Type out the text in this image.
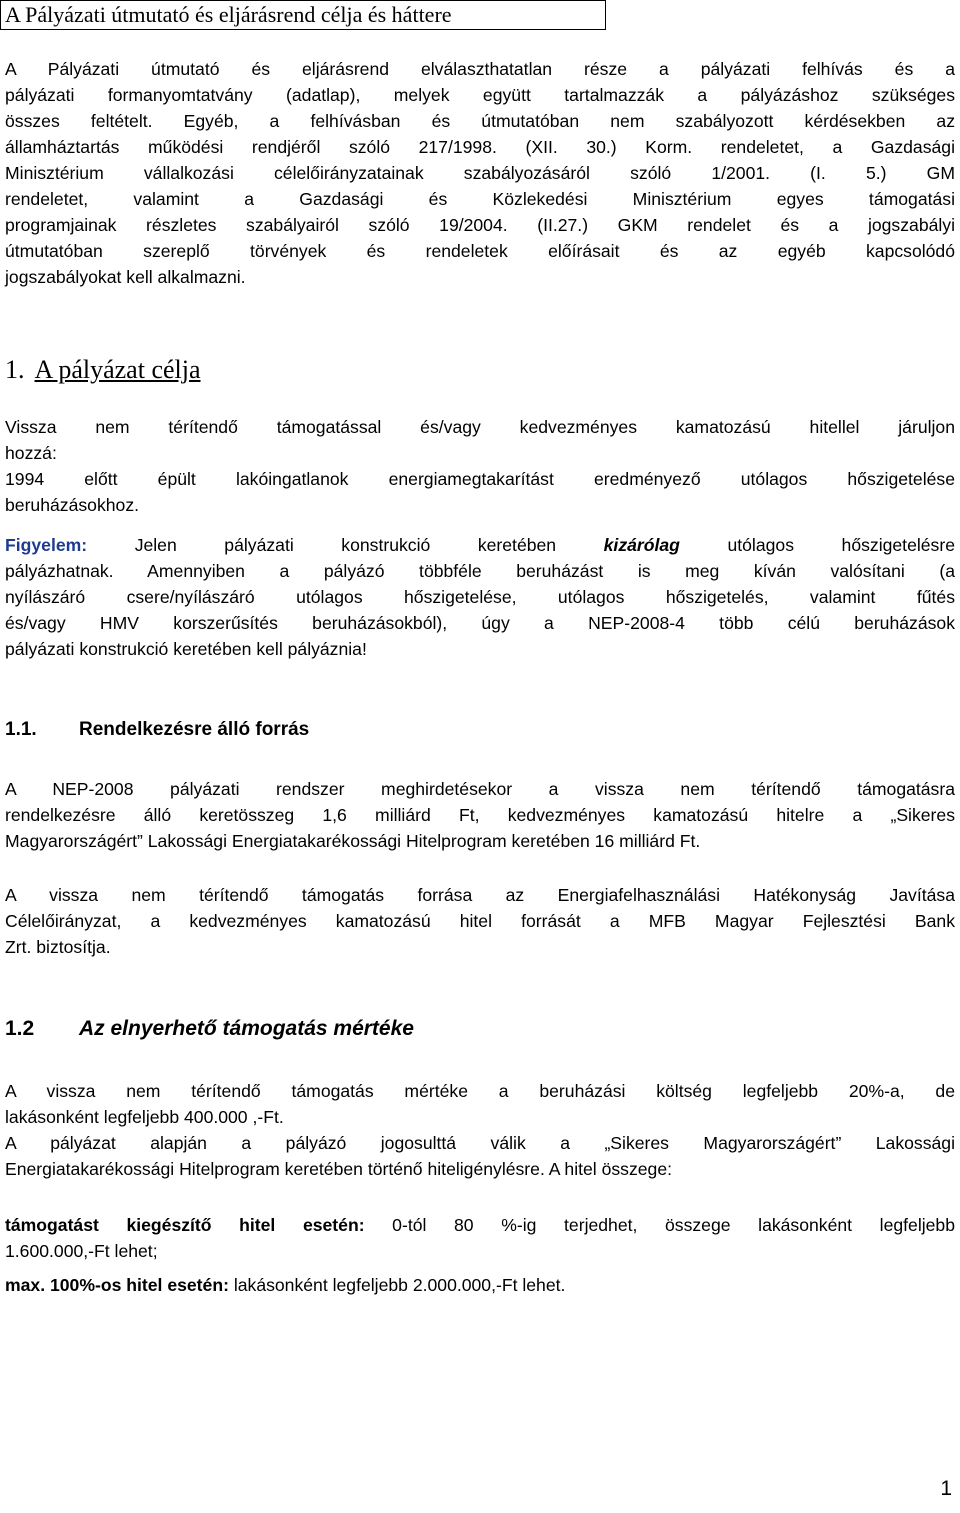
A Pályázati útmutató és eljárásrend célja és háttere
A Pályázati útmutató és eljárásrend elválaszthatatlan része a pályázati felhívás és a
pályázati formanyomtatvány (adatlap), melyek együtt tartalmazzák a pályázáshoz szükséges
összes feltételt. Egyéb, a felhívásban és útmutatóban nem szabályozott kérdésekben az
államháztartás működési rendjéről szóló 217/1998. (XII. 30.) Korm. rendeletet, a Gazdasági
Minisztérium vállalkozási célelőirányzatainak szabályozásáról szóló 1/2001. (I. 5.) GM
rendeletet, valamint a Gazdasági és Közlekedési Minisztérium egyes támogatási
programjainak részletes szabályairól szóló 19/2004. (II.27.) GKM rendelet és a jogszabályi
útmutatóban szereplő törvények és rendeletek előírásait és az egyéb kapcsolódó
jogszabályokat kell alkalmazni.
1. A pályázat célja
Vissza nem térítendő támogatással és/vagy kedvezményes kamatozású hitellel járuljon
hozzá:
1994 előtt épült lakóingatlanok energiamegtakarítást eredményező utólagos hőszigetelése
beruházásokhoz.
Figyelem: Jelen pályázati konstrukció keretében kizárólag utólagos hőszigetelésre
pályázhatnak. Amennyiben a pályázó többféle beruházást is meg kíván valósítani (a
nyílászáró csere/nyílászáró utólagos hőszigetelése, utólagos hőszigetelés, valamint fűtés
és/vagy HMV korszerűsítés beruházásokból), úgy a NEP-2008-4 több célú beruházások
pályázati konstrukció keretében kell pályáznia!
1.1. Rendelkezésre álló forrás
A NEP-2008 pályázati rendszer meghirdetésekor a vissza nem térítendő támogatásra
rendelkezésre álló keretösszeg 1,6 milliárd Ft, kedvezményes kamatozású hitelre a „Sikeres
Magyarországért” Lakossági Energiatakarékossági Hitelprogram keretében 16 milliárd Ft.
A vissza nem térítendő támogatás forrása az Energiafelhasználási Hatékonyság Javítása
Célelőirányzat, a kedvezményes kamatozású hitel forrását a MFB Magyar Fejlesztési Bank
Zrt. biztosítja.
1.2 Az elnyerhető támogatás mértéke
A vissza nem térítendő támogatás mértéke a beruházási költség legfeljebb 20%-a, de
lakásonként legfeljebb 400.000 ,-Ft.
A pályázat alapján a pályázó jogosulttá válik a „Sikeres Magyarországért” Lakossági
Energiatakarékossági Hitelprogram keretében történő hiteligénylésre. A hitel összege:
támogatást kiegészítő hitel esetén: 0-tól 80 %-ig terjedhet, összege lakásonként legfeljebb
1.600.000,-Ft lehet;
max. 100%-os hitel esetén: lakásonként legfeljebb 2.000.000,-Ft lehet.
1
